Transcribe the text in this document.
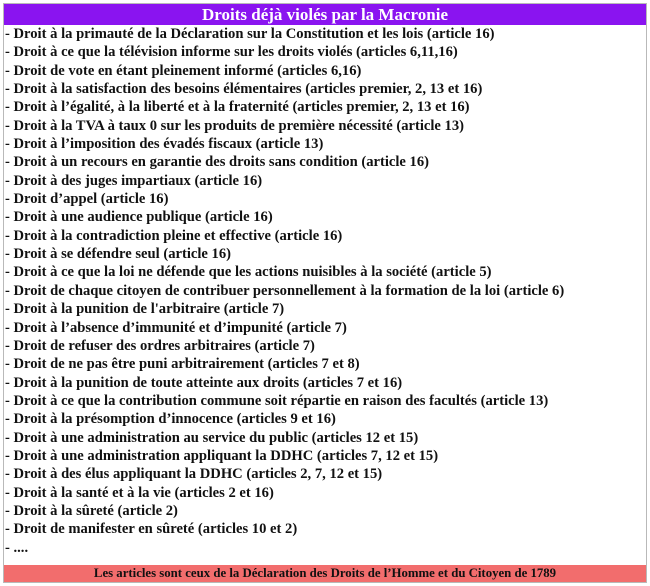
Droits déjà violés par la Macronie
- Droit à la primauté de la Déclaration sur la Constitution et les lois (article 16)
- Droit à ce que la télévision informe sur les droits violés (articles 6,11,16)
- Droit de vote en étant pleinement informé (articles 6,16)
- Droit à la satisfaction des besoins élémentaires (articles premier, 2, 13 et 16)
- Droit à l’égalité, à la liberté et à la fraternité (articles premier, 2, 13 et 16)
- Droit à la TVA à taux 0 sur les produits de première nécessité (article 13)
- Droit à l’imposition des évadés fiscaux (article 13)
- Droit à un recours en garantie des droits sans condition (article 16)
- Droit à des juges impartiaux (article 16)
- Droit d’appel (article 16)
- Droit à une audience publique (article 16)
- Droit à la contradiction pleine et effective (article 16)
- Droit à se défendre seul (article 16)
- Droit à ce que la loi ne défende que les actions nuisibles à la société (article 5)
- Droit de chaque citoyen de contribuer personnellement à la formation de la loi (article 6)
- Droit à la punition de l'arbitraire (article 7)
- Droit à l’absence d’immunité et d’impunité (article 7)
- Droit de refuser des ordres arbitraires (article 7)
- Droit de ne pas être puni arbitrairement (articles 7 et 8)
- Droit à la punition de toute atteinte aux droits (articles 7 et 16)
- Droit à ce que la contribution commune soit répartie en raison des facultés (article 13)
- Droit à la présomption d’innocence (articles 9 et 16)
- Droit à une administration au service du public (articles 12 et 15)
- Droit à une administration appliquant la DDHC (articles 7, 12 et 15)
- Droit à des élus appliquant la DDHC (articles 2, 7, 12 et 15)
- Droit à la santé et à la vie (articles 2 et 16)
- Droit à la sûreté (article 2)
- Droit de manifester en sûreté (articles 10 et 2)
- ....
Les articles sont ceux de la Déclaration des Droits de l’Homme et du Citoyen de 1789
